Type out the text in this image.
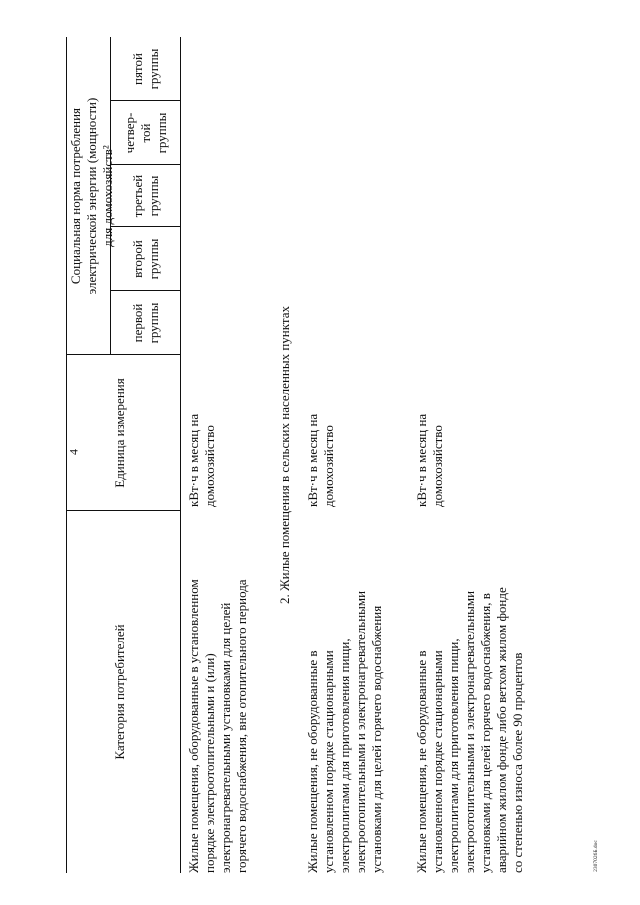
4
2307026Б.doc
Категория потребителей
Единица измерения
Социальная норма потребления
электрической энергии (мощности)
для домохозяйств²
первой
группы
второй
группы
третьей
группы
четвер-
той
группы
пятой
группы
Жилые помещения, оборудованные в установленном
порядке электроотопительными и (или)
электронагревательными установками для целей
горячего водоснабжения, вне отопительного периода
кВт·ч в месяц на
домохозяйство	2. Жилые помещения в сельских населенных пунктах
Жилые помещения, не оборудованные в
установленном порядке стационарными
электроплитами для приготовления пищи,
электроотопительными и электронагревательными
установками для целей горячего водоснабжения
кВт·ч в месяц на
домохозяйство
Жилые помещения, не оборудованные в
установленном порядке стационарными
электроплитами для приготовления пищи,
электроотопительными и электронагревательными
установками для целей горячего водоснабжения, в
аварийном жилом фонде либо ветхом жилом фонде
со степенью износа более 90 процентов
кВт·ч в месяц на
домохозяйство
